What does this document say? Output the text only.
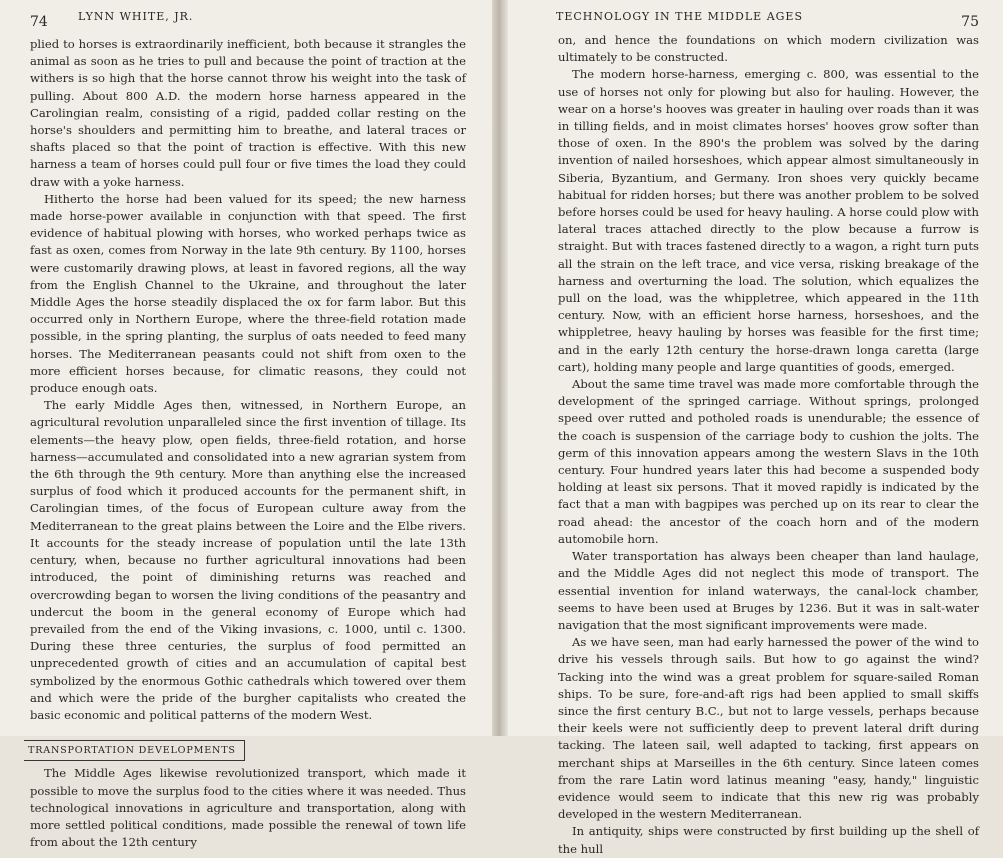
74	LYNN WHITE, JR.

plied to horses is extraordinarily inefficient, both because it strangles the animal as soon as he tries to pull and because the point of traction at the withers is so high that the horse cannot throw his weight into the task of pulling. About 800 A.D. the modern horse harness appeared in the Carolingian realm, consisting of a rigid, padded collar resting on the horse's shoulders and permitting him to breathe, and lateral traces or shafts placed so that the point of traction is effective. With this new harness a team of horses could pull four or five times the load they could draw with a yoke harness.

Hitherto the horse had been valued for its speed; the new harness made horse-power available in conjunction with that speed. The first evidence of habitual plowing with horses, who worked perhaps twice as fast as oxen, comes from Norway in the late 9th century. By 1100, horses were customarily drawing plows, at least in favored regions, all the way from the English Channel to the Ukraine, and throughout the later Middle Ages the horse steadily displaced the ox for farm labor. But this occurred only in Northern Europe, where the three-field rotation made possible, in the spring planting, the surplus of oats needed to feed many horses. The Mediterranean peasants could not shift from oxen to the more efficient horses because, for climatic reasons, they could not produce enough oats.

The early Middle Ages then, witnessed, in Northern Europe, an agricultural revolution unparalleled since the first invention of tillage. Its elements—the heavy plow, open fields, three-field rotation, and horse harness—accumulated and consolidated into a new agrarian system from the 6th through the 9th century. More than anything else the increased surplus of food which it produced accounts for the permanent shift, in Carolingian times, of the focus of European culture away from the Mediterranean to the great plains between the Loire and the Elbe rivers. It accounts for the steady increase of population until the late 13th century, when, because no further agricultural innovations had been introduced, the point of diminishing returns was reached and overcrowding began to worsen the living conditions of the peasantry and undercut the boom in the general economy of Europe which had prevailed from the end of the Viking invasions, c. 1000, until c. 1300. During these three centuries, the surplus of food permitted an unprecedented growth of cities and an accumulation of capital best symbolized by the enormous Gothic cathedrals which towered over them and which were the pride of the burgher capitalists who created the basic economic and political patterns of the modern West.

TRANSPORTATION DEVELOPMENTS

The Middle Ages likewise revolutionized transport, which made it possible to move the surplus food to the cities where it was needed. Thus technological innovations in agriculture and transportation, along with more settled political conditions, made possible the renewal of town life from about the 12th century

TECHNOLOGY IN THE MIDDLE AGES	75

on, and hence the foundations on which modern civilization was ultimately to be constructed.

The modern horse-harness, emerging c. 800, was essential to the use of horses not only for plowing but also for hauling. However, the wear on a horse's hooves was greater in hauling over roads than it was in tilling fields, and in moist climates horses' hooves grow softer than those of oxen. In the 890's the problem was solved by the daring invention of nailed horseshoes, which appear almost simultaneously in Siberia, Byzantium, and Germany. Iron shoes very quickly became habitual for ridden horses; but there was another problem to be solved before horses could be used for heavy hauling. A horse could plow with lateral traces attached directly to the plow because a furrow is straight. But with traces fastened directly to a wagon, a right turn puts all the strain on the left trace, and vice versa, risking breakage of the harness and overturning the load. The solution, which equalizes the pull on the load, was the whippletree, which appeared in the 11th century. Now, with an efficient horse harness, horseshoes, and the whippletree, heavy hauling by horses was feasible for the first time; and in the early 12th century the horse-drawn longa caretta (large cart), holding many people and large quantities of goods, emerged.

About the same time travel was made more comfortable through the development of the springed carriage. Without springs, prolonged speed over rutted and potholed roads is unendurable; the essence of the coach is suspension of the carriage body to cushion the jolts. The germ of this innovation appears among the western Slavs in the 10th century. Four hundred years later this had become a suspended body holding at least six persons. That it moved rapidly is indicated by the fact that a man with bagpipes was perched up on its rear to clear the road ahead: the ancestor of the coach horn and of the modern automobile horn.

Water transportation has always been cheaper than land haulage, and the Middle Ages did not neglect this mode of transport. The essential invention for inland waterways, the canal-lock chamber, seems to have been used at Bruges by 1236. But it was in salt-water navigation that the most significant improvements were made.

As we have seen, man had early harnessed the power of the wind to drive his vessels through sails. But how to go against the wind? Tacking into the wind was a great problem for square-sailed Roman ships. To be sure, fore-and-aft rigs had been applied to small skiffs since the first century B.C., but not to large vessels, perhaps because their keels were not sufficiently deep to prevent lateral drift during tacking. The lateen sail, well adapted to tacking, first appears on merchant ships at Marseilles in the 6th century. Since lateen comes from the rare Latin word latinus meaning "easy, handy," linguistic evidence would seem to indicate that this new rig was probably developed in the western Mediterranean.

In antiquity, ships were constructed by first building up the shell of the hull
